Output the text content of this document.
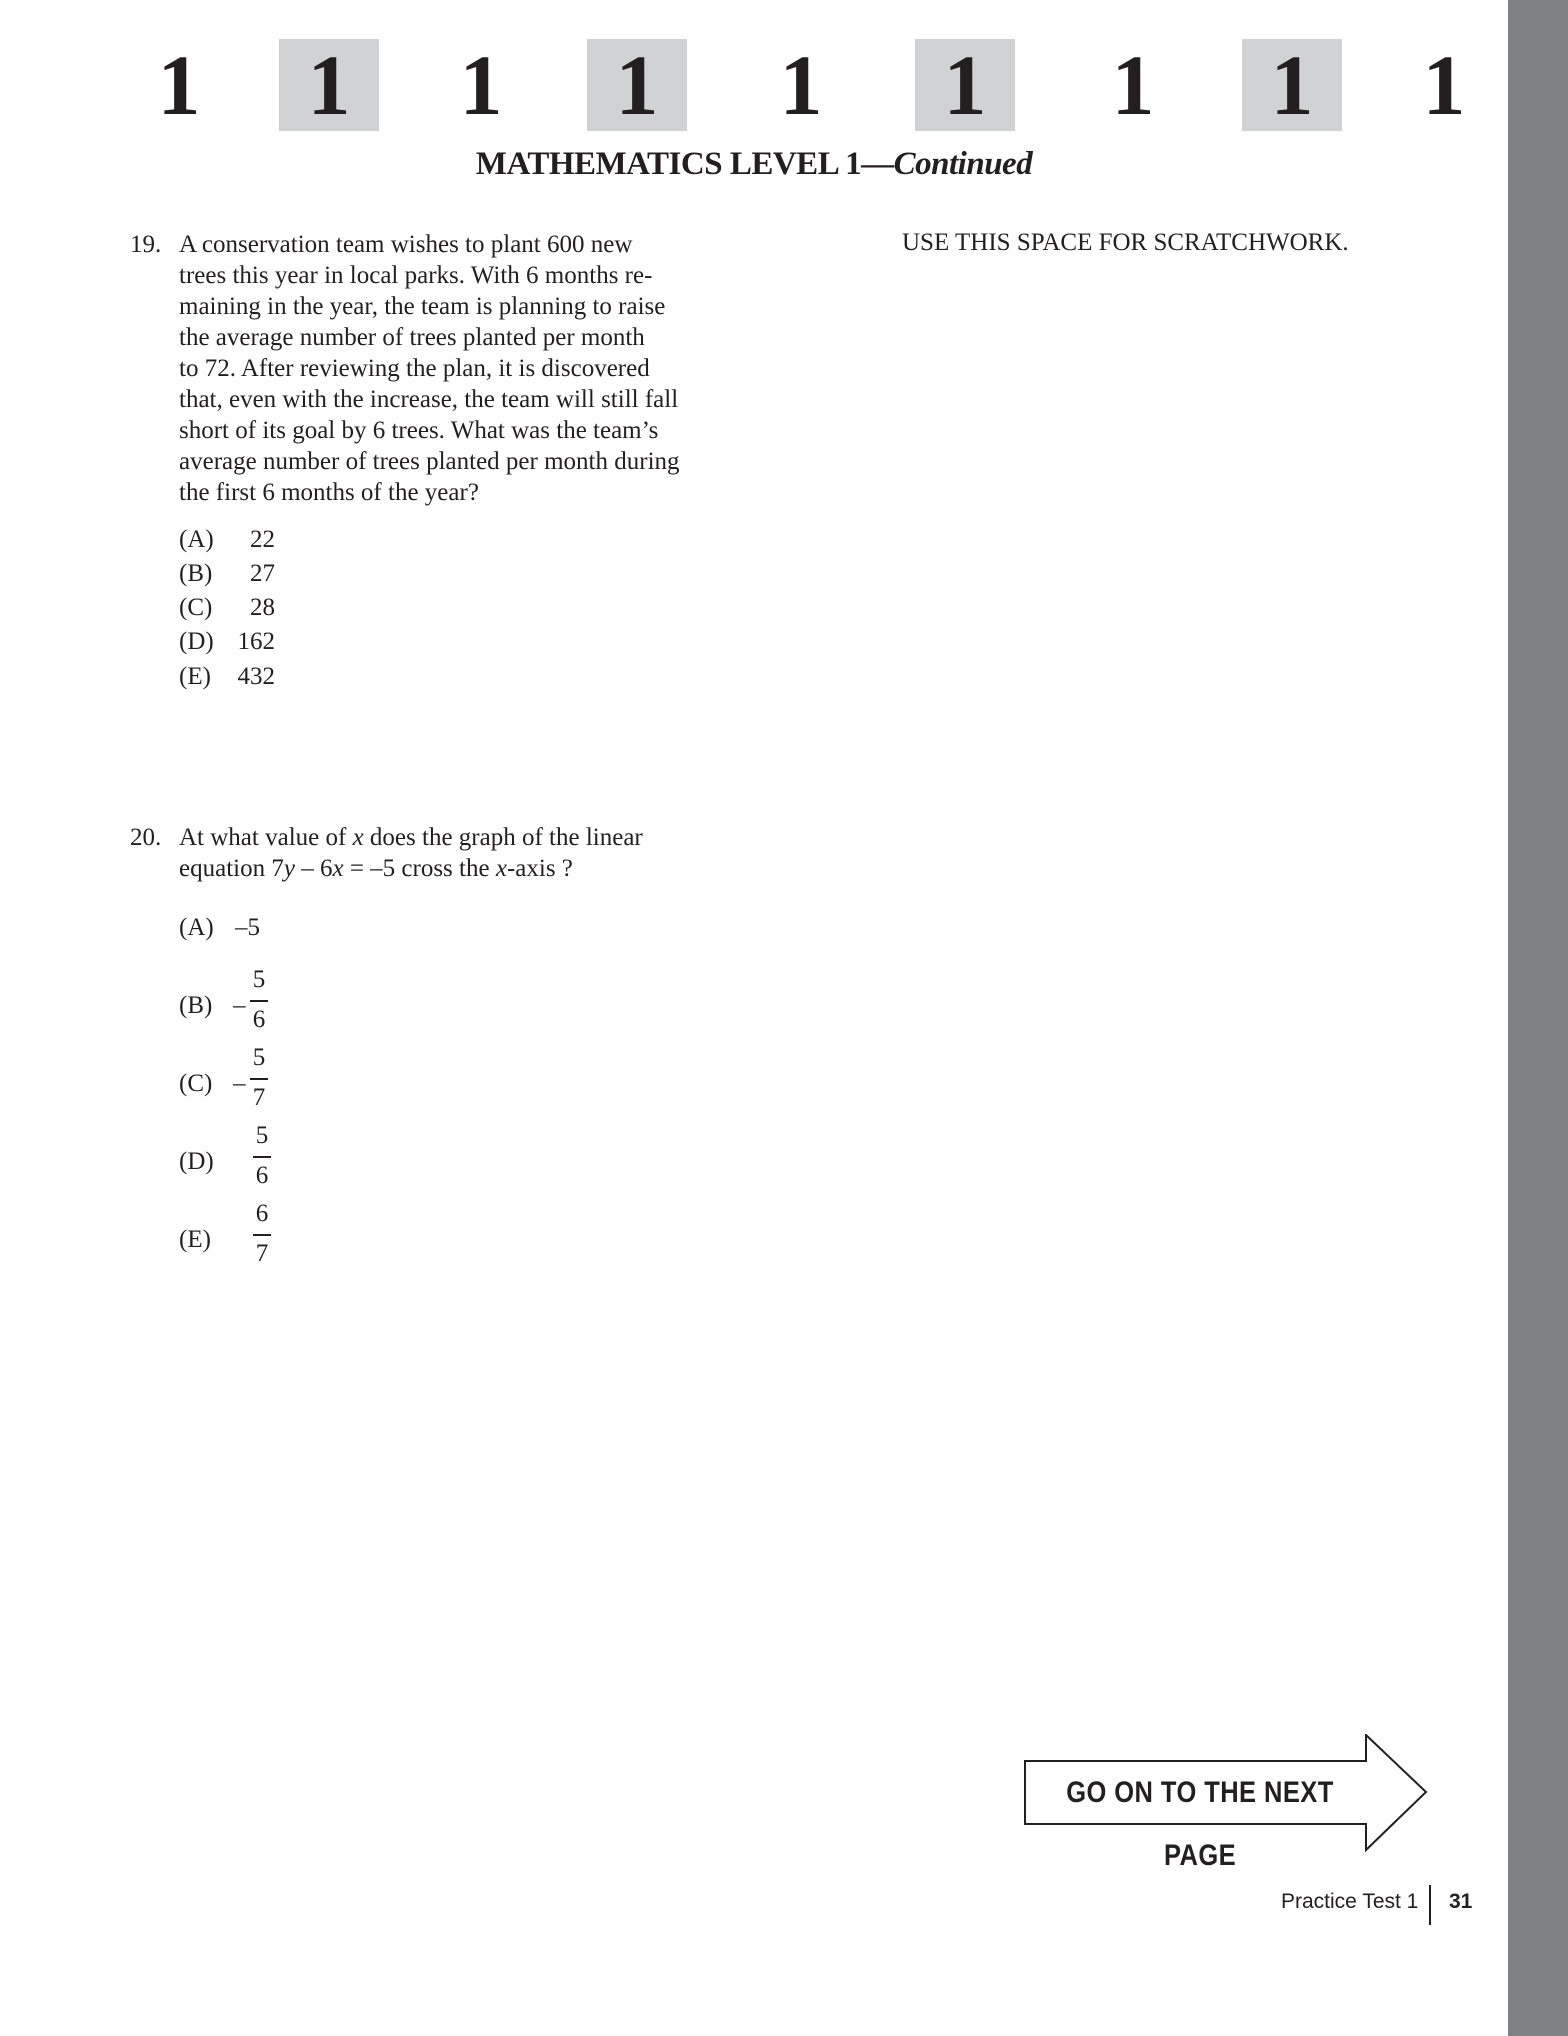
1 1 1 1 1 1 1 1 1
MATHEMATICS LEVEL 1—Continued
USE THIS SPACE FOR SCRATCHWORK.
19. A conservation team wishes to plant 600 new
trees this year in local parks. With 6 months re-
maining in the year, the team is planning to raise
the average number of trees planted per month
to 72. After reviewing the plan, it is discovered
that, even with the increase, the team will still fall
short of its goal by 6 trees. What was the team’s
average number of trees planted per month during
the first 6 months of the year?
(A) 22
(B) 27
(C) 28
(D) 162
(E) 432
20. At what value of x does the graph of the linear
equation 7y – 6x = –5 cross the x-axis ?
(A) –5
(B) –
5
6
(C) –
5
7
(D)
5
6
(E)
6
7
GO ON TO THE NEXT PAGE
Practice Test 1 31
